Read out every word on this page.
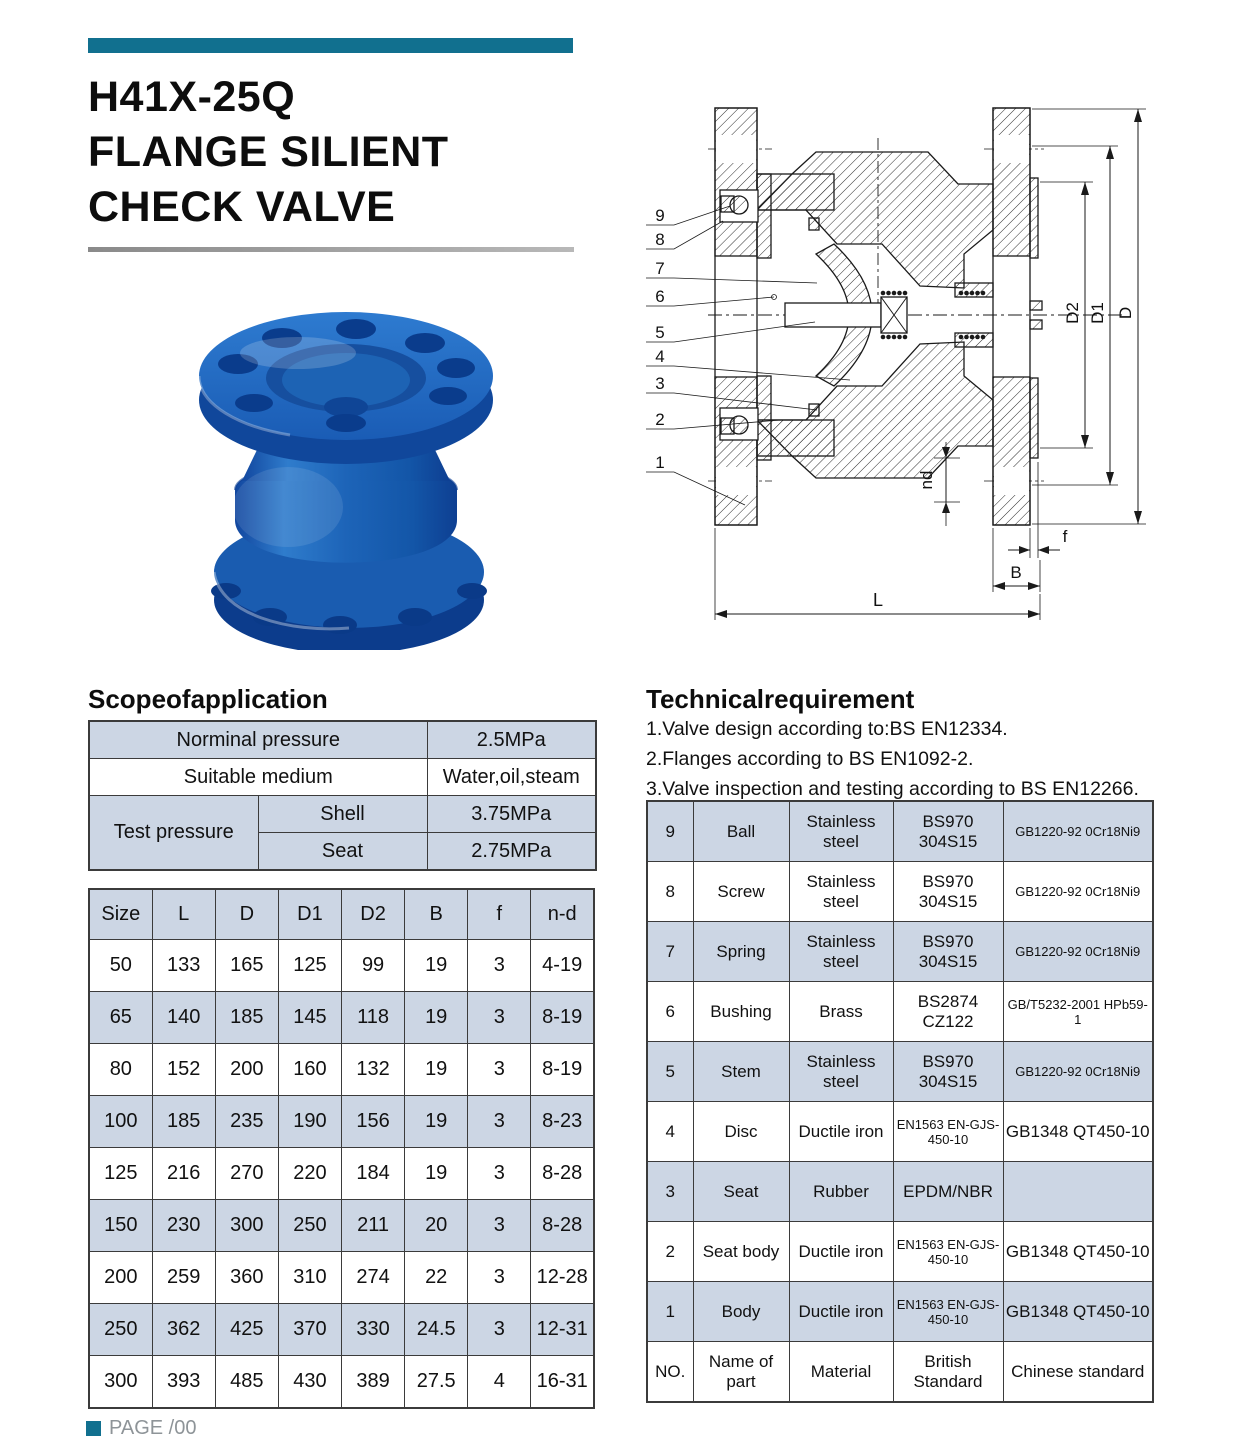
H41X-25Q
FLANGE SILIENT
CHECK VALVE	9
8
7
6
5
4
3
2
1
D2 D1 D
nd
f
B
L
Scopeofapplication
Norminal pressure		2.5MPa
Suitable medium		Water,oil,steam
Test pressure	Shell	3.75MPa
	Seat	2.75MPa
Size	L	D	D1	D2	B	f	n-d
50	133	165	125	99	19	3	4-19
65	140	185	145	118	19	3	8-19
80	152	200	160	132	19	3	8-19
100	185	235	190	156	19	3	8-23
125	216	270	220	184	19	3	8-28
150	230	300	250	211	20	3	8-28
200	259	360	310	274	22	3	12-28
250	362	425	370	330	24.5	3	12-31
300	393	485	430	389	27.5	4	16-31
Technicalrequirement
1.Valve design according to:BS EN12334.
2.Flanges according to BS EN1092-2.
3.Valve inspection and testing according to BS EN12266.
9	Ball	Stainless steel	BS970 304S15	GB1220-92 0Cr18Ni9
8	Screw	Stainless steel	BS970 304S15	GB1220-92 0Cr18Ni9
7	Spring	Stainless steel	BS970 304S15	GB1220-92 0Cr18Ni9
6	Bushing	Brass	BS2874 CZ122	GB/T5232-2001 HPb59-1
5	Stem	Stainless steel	BS970 304S15	GB1220-92 0Cr18Ni9
4	Disc	Ductile iron	EN1563 EN-GJS-450-10	GB1348 QT450-10
3	Seat	Rubber	EPDM/NBR	
2	Seat body	Ductile iron	EN1563 EN-GJS-450-10	GB1348 QT450-10
1	Body	Ductile iron	EN1563 EN-GJS-450-10	GB1348 QT450-10
NO.	Name of part	Material	British Standard	Chinese standard
PAGE /00
